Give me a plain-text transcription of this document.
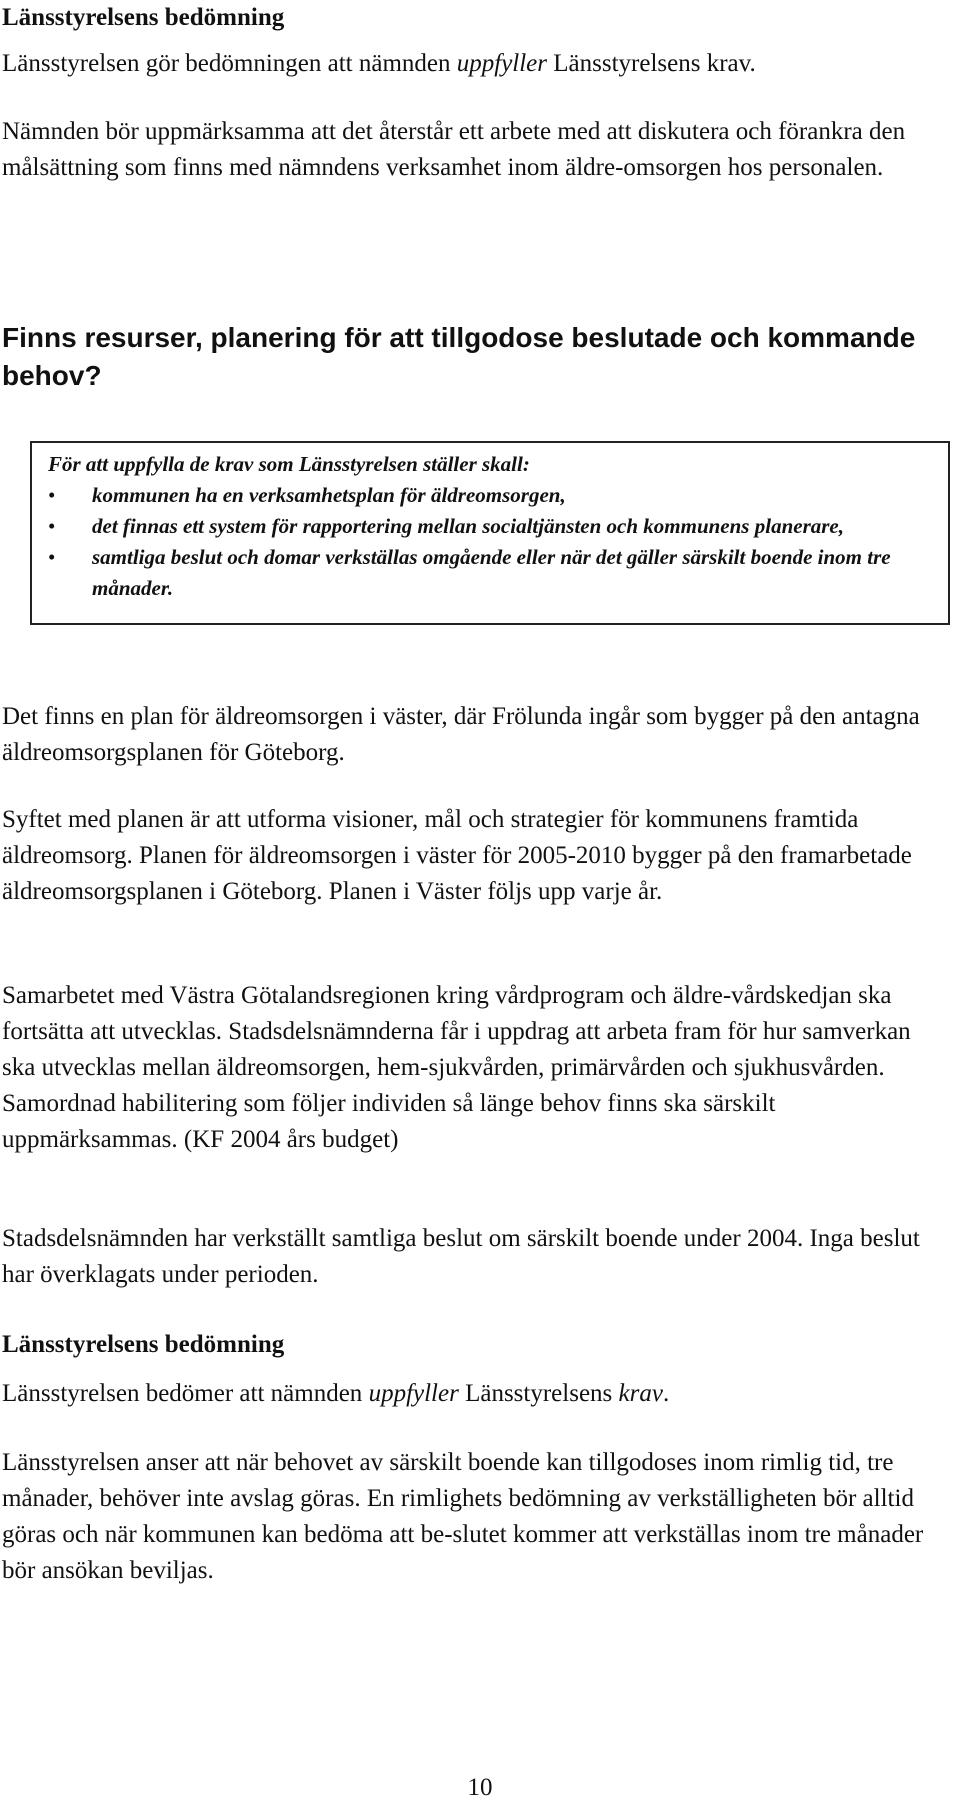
Länsstyrelsens bedömning

Länsstyrelsen gör bedömningen att nämnden uppfyller Länsstyrelsens krav.

Nämnden bör uppmärksamma att det återstår ett arbete med att diskutera och förankra den målsättning som finns med nämndens verksamhet inom äldre-omsorgen hos personalen.

Finns resurser, planering för att tillgodose beslutade och kommande behov?

För att uppfylla de krav som Länsstyrelsen ställer skall:

• kommunen ha en verksamhetsplan för äldreomsorgen,
• det finnas ett system för rapportering mellan socialtjänsten och kommunens planerare,
• samtliga beslut och domar verkställas omgående eller när det gäller särskilt boende inom tre månader.

Det finns en plan för äldreomsorgen i väster, där Frölunda ingår som bygger på den antagna äldreomsorgsplanen för Göteborg.

Syftet med planen är att utforma visioner, mål och strategier för kommunens framtida äldreomsorg. Planen för äldreomsorgen i väster för 2005-2010 bygger på den framarbetade äldreomsorgsplanen i Göteborg. Planen i Väster följs upp varje år.

Samarbetet med Västra Götalandsregionen kring vårdprogram och äldre-vårdskedjan ska fortsätta att utvecklas. Stadsdelsnämnderna får i uppdrag att arbeta fram för hur samverkan ska utvecklas mellan äldreomsorgen, hem-sjukvården, primärvården och sjukhusvården. Samordnad habilitering som följer individen så länge behov finns ska särskilt uppmärksammas. (KF 2004 års budget)

Stadsdelsnämnden har verkställt samtliga beslut om särskilt boende under 2004. Inga beslut har överklagats under perioden.

Länsstyrelsens bedömning

Länsstyrelsen bedömer att nämnden uppfyller Länsstyrelsens krav.

Länsstyrelsen anser att när behovet av särskilt boende kan tillgodoses inom rimlig tid, tre månader, behöver inte avslag göras. En rimlighets bedömning av verkställigheten bör alltid göras och när kommunen kan bedöma att be-slutet kommer att verkställas inom tre månader bör ansökan beviljas.

10
